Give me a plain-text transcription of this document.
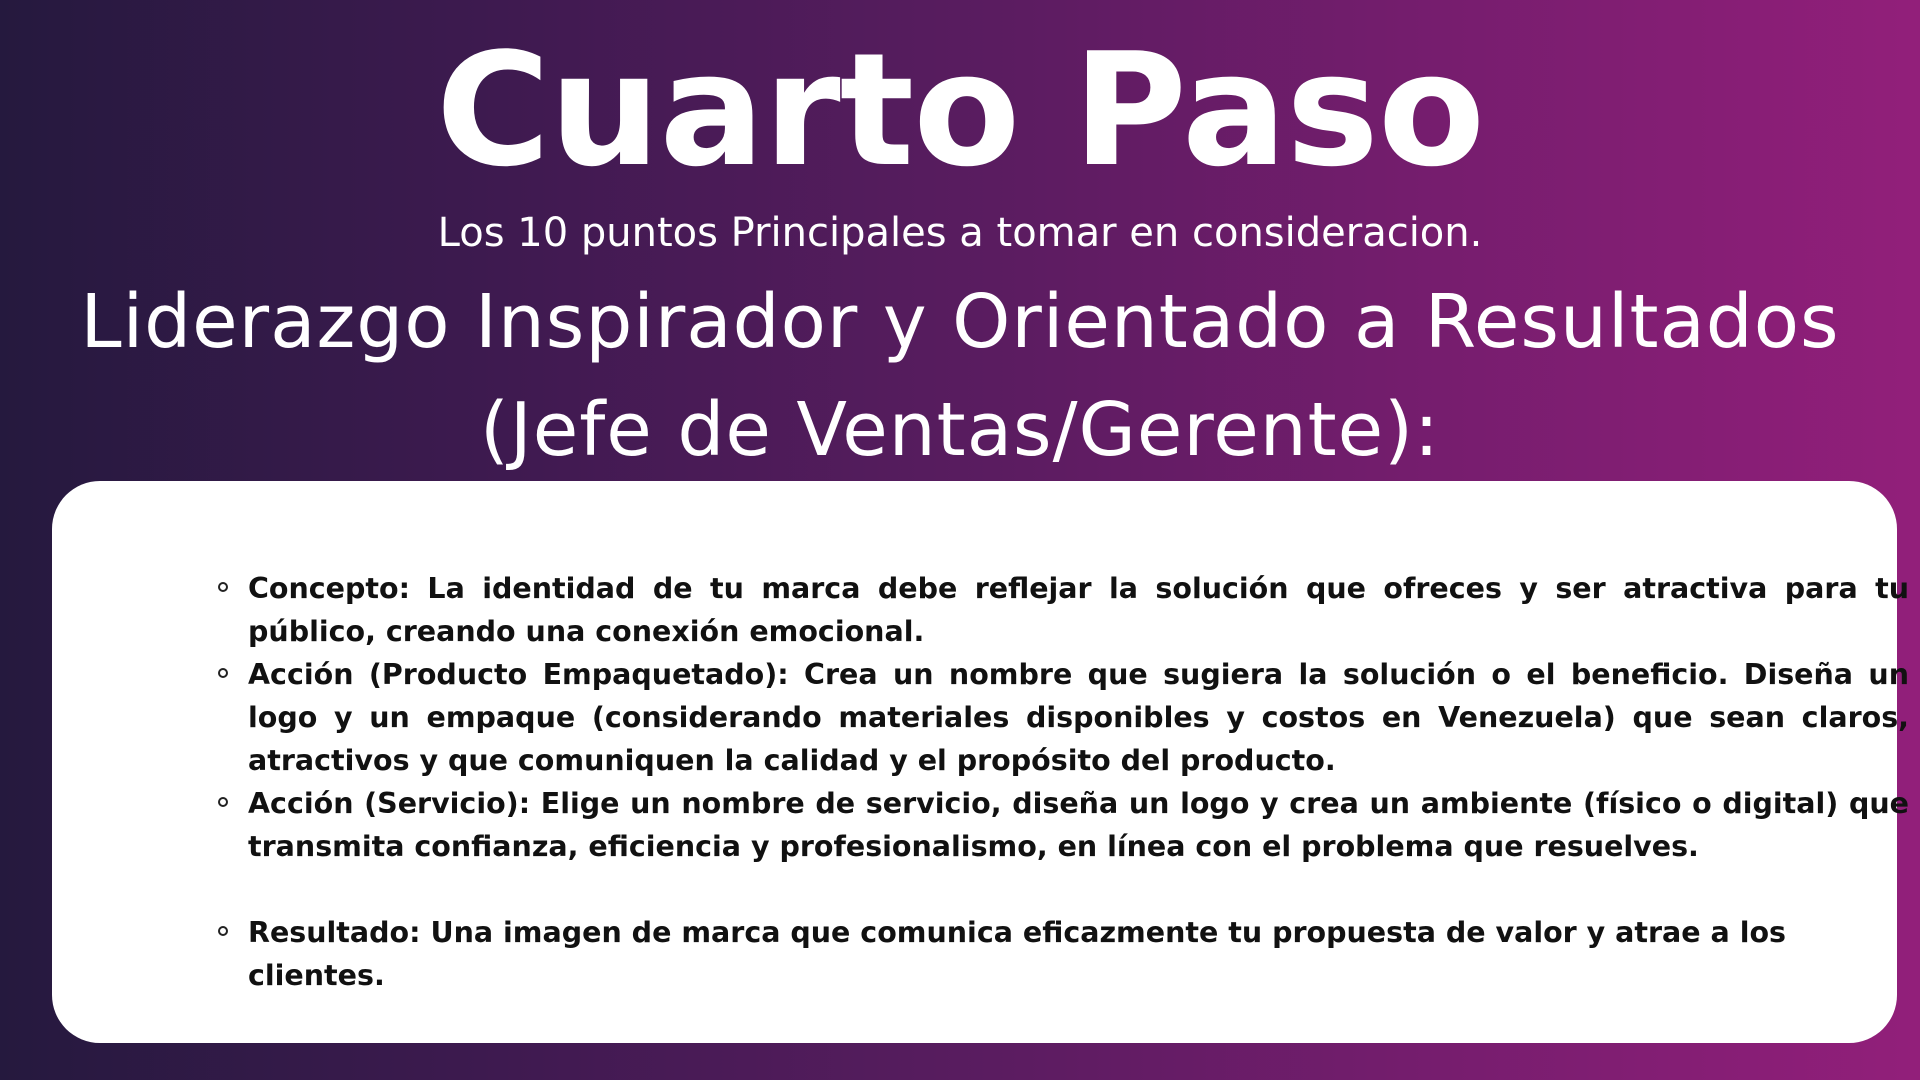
Cuarto Paso
Los 10 puntos Principales a tomar en consideracion.
Liderazgo Inspirador y Orientado a Resultados
(Jefe de Ventas/Gerente):
Concepto: La identidad de tu marca debe reflejar la solución que ofreces y ser atractiva para tu público, creando una conexión emocional.
Acción (Producto Empaquetado): Crea un nombre que sugiera la solución o el beneficio. Diseña un logo y un empaque (considerando materiales disponibles y costos en Venezuela) que sean claros, atractivos y que comuniquen la calidad y el propósito del producto.
Acción (Servicio): Elige un nombre de servicio, diseña un logo y crea un ambiente (físico o digital) que transmita confianza, eficiencia y profesionalismo, en línea con el problema que resuelves.
Resultado: Una imagen de marca que comunica eficazmente tu propuesta de valor y atrae a los clientes.
